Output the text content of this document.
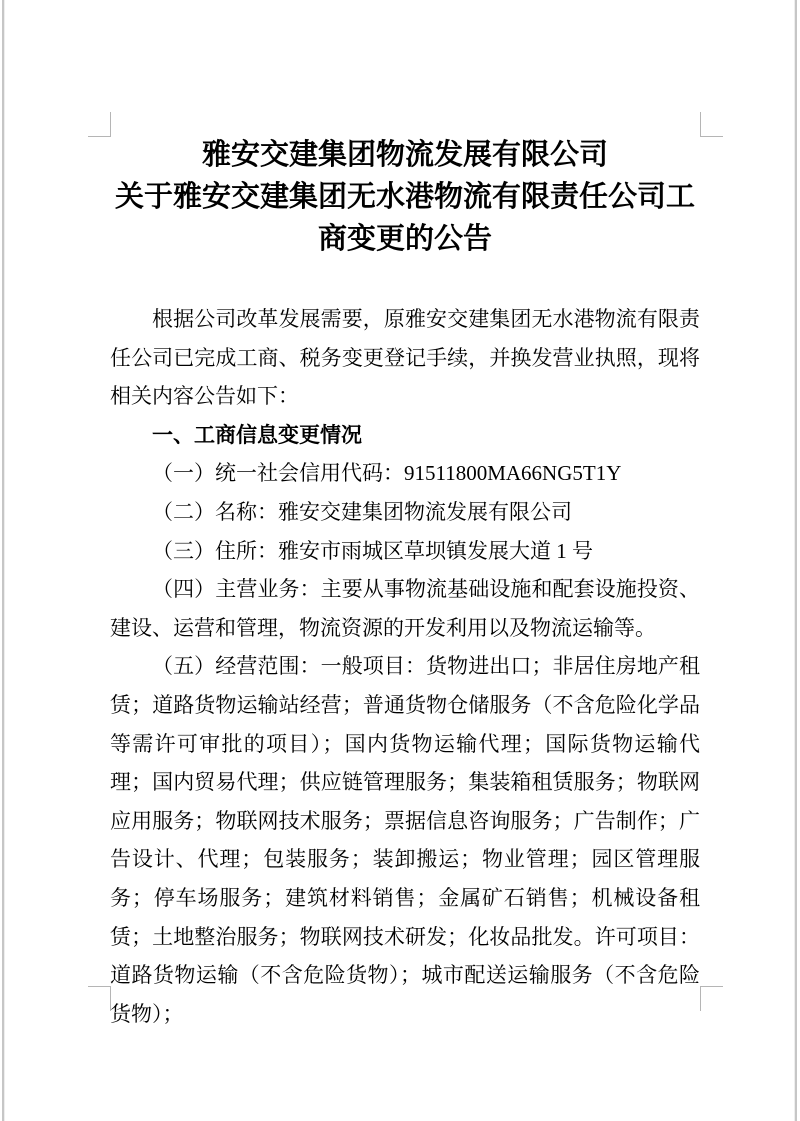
雅安交建集团物流发展有限公司
关于雅安交建集团无水港物流有限责任公司工商变更的公告

根据公司改革发展需要，原雅安交建集团无水港物流有限责任公司已完成工商、税务变更登记手续，并换发营业执照，现将相关内容公告如下：

一、工商信息变更情况

（一）统一社会信用代码：91511800MA66NG5T1Y

（二）名称：雅安交建集团物流发展有限公司

（三）住所：雅安市雨城区草坝镇发展大道 1 号

（四）主营业务：主要从事物流基础设施和配套设施投资、建设、运营和管理，物流资源的开发利用以及物流运输等。

（五）经营范围：一般项目：货物进出口；非居住房地产租赁；道路货物运输站经营；普通货物仓储服务（不含危险化学品等需许可审批的项目）；国内货物运输代理；国际货物运输代理；国内贸易代理；供应链管理服务；集装箱租赁服务；物联网应用服务；物联网技术服务；票据信息咨询服务；广告制作；广告设计、代理；包装服务；装卸搬运；物业管理；园区管理服务；停车场服务；建筑材料销售；金属矿石销售；机械设备租赁；土地整治服务；物联网技术研发；化妆品批发。许可项目：道路货物运输（不含危险货物）；城市配送运输服务（不含危险货物）；
